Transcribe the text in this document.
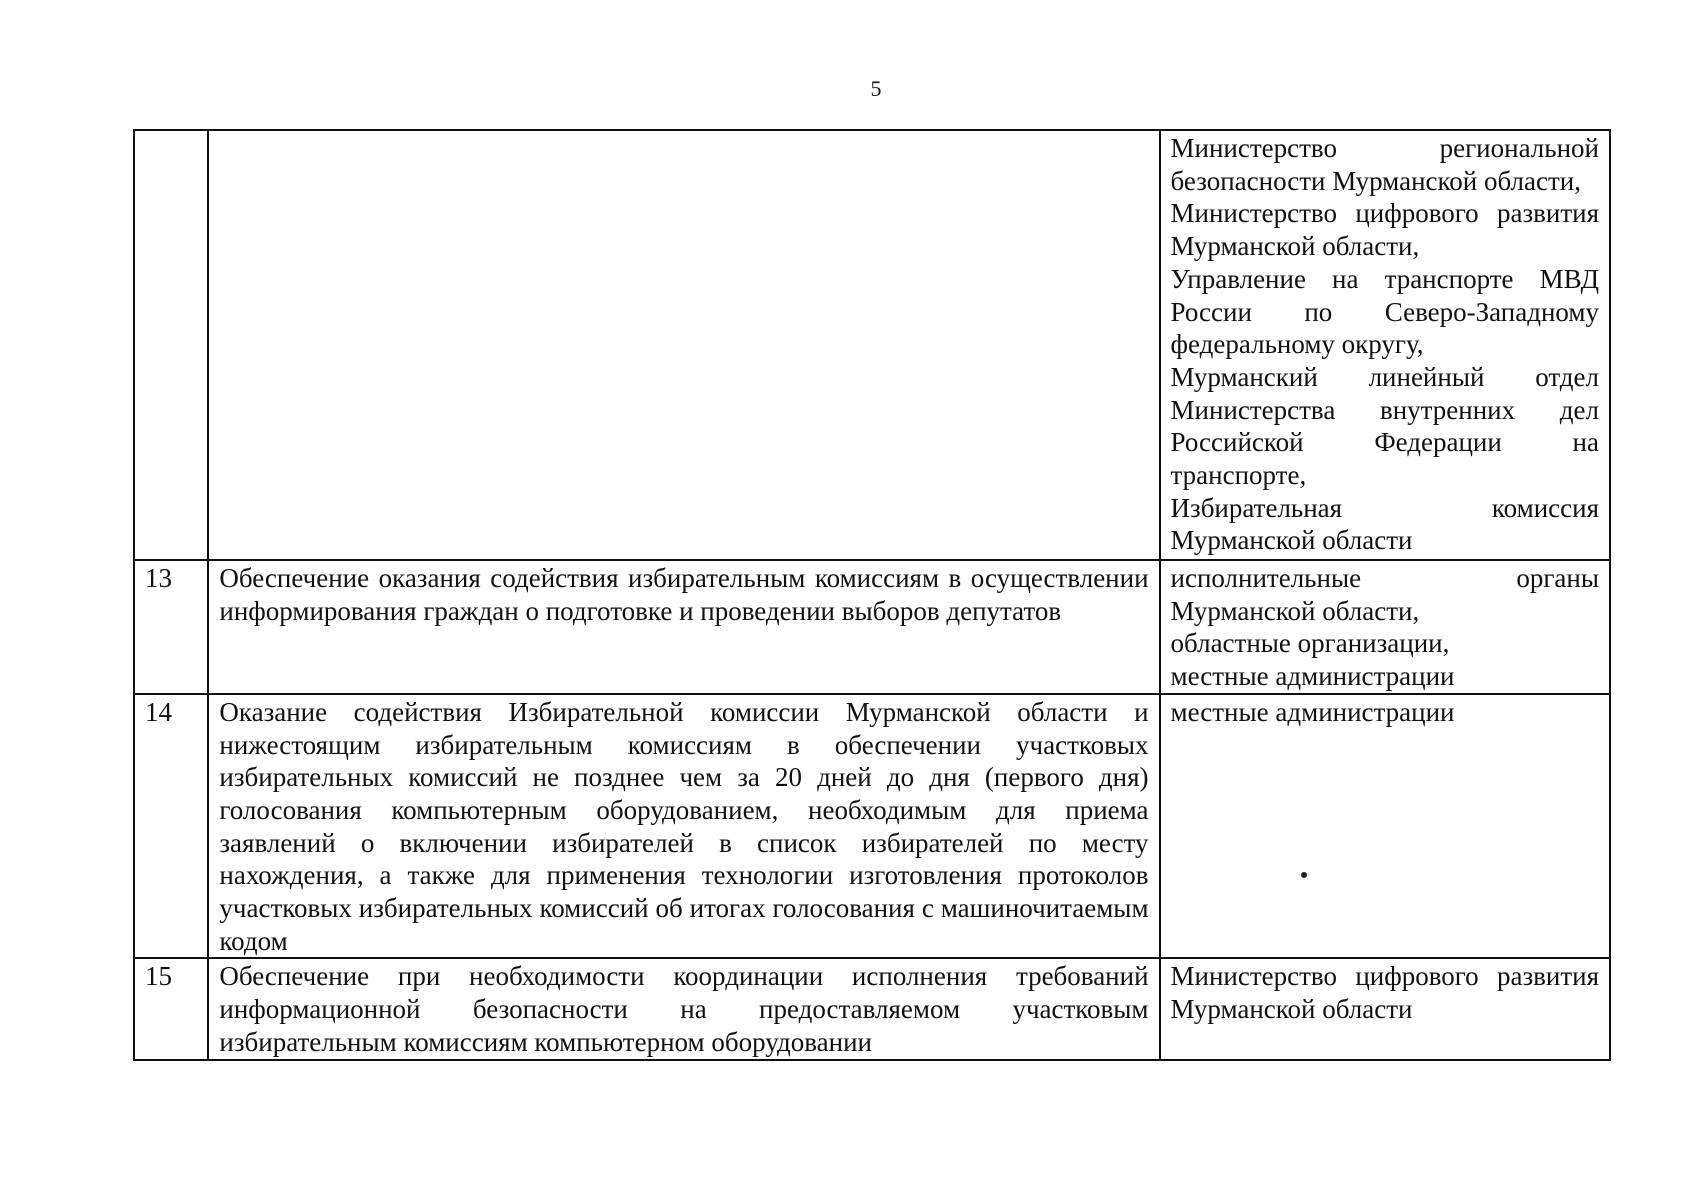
5

		Министерство региональной безопасности Мурманской области,
Министерство цифрового развития Мурманской области,
Управление на транспорте МВД России по Северо-Западному федеральному округу,
Мурманский линейный отдел Министерства внутренних дел Российской Федерации на транспорте,
Избирательная комиссия Мурманской области

13	Обеспечение оказания содействия избирательным комиссиям в осуществлении информирования граждан о подготовке и проведении выборов депутатов	исполнительные органы Мурманской области,
областные организации,
местные администрации

14	Оказание содействия Избирательной комиссии Мурманской области и нижестоящим избирательным комиссиям в обеспечении участковых избирательных комиссий не позднее чем за 20 дней до дня (первого дня) голосования компьютерным оборудованием, необходимым для приема заявлений о включении избирателей в список избирателей по месту нахождения, а также для применения технологии изготовления протоколов участковых избирательных комиссий об итогах голосования с машиночитаемым кодом	местные администрации

15	Обеспечение при необходимости координации исполнения требований информационной безопасности на предоставляемом участковым избирательным комиссиям компьютерном оборудовании	Министерство цифрового развития Мурманской области
